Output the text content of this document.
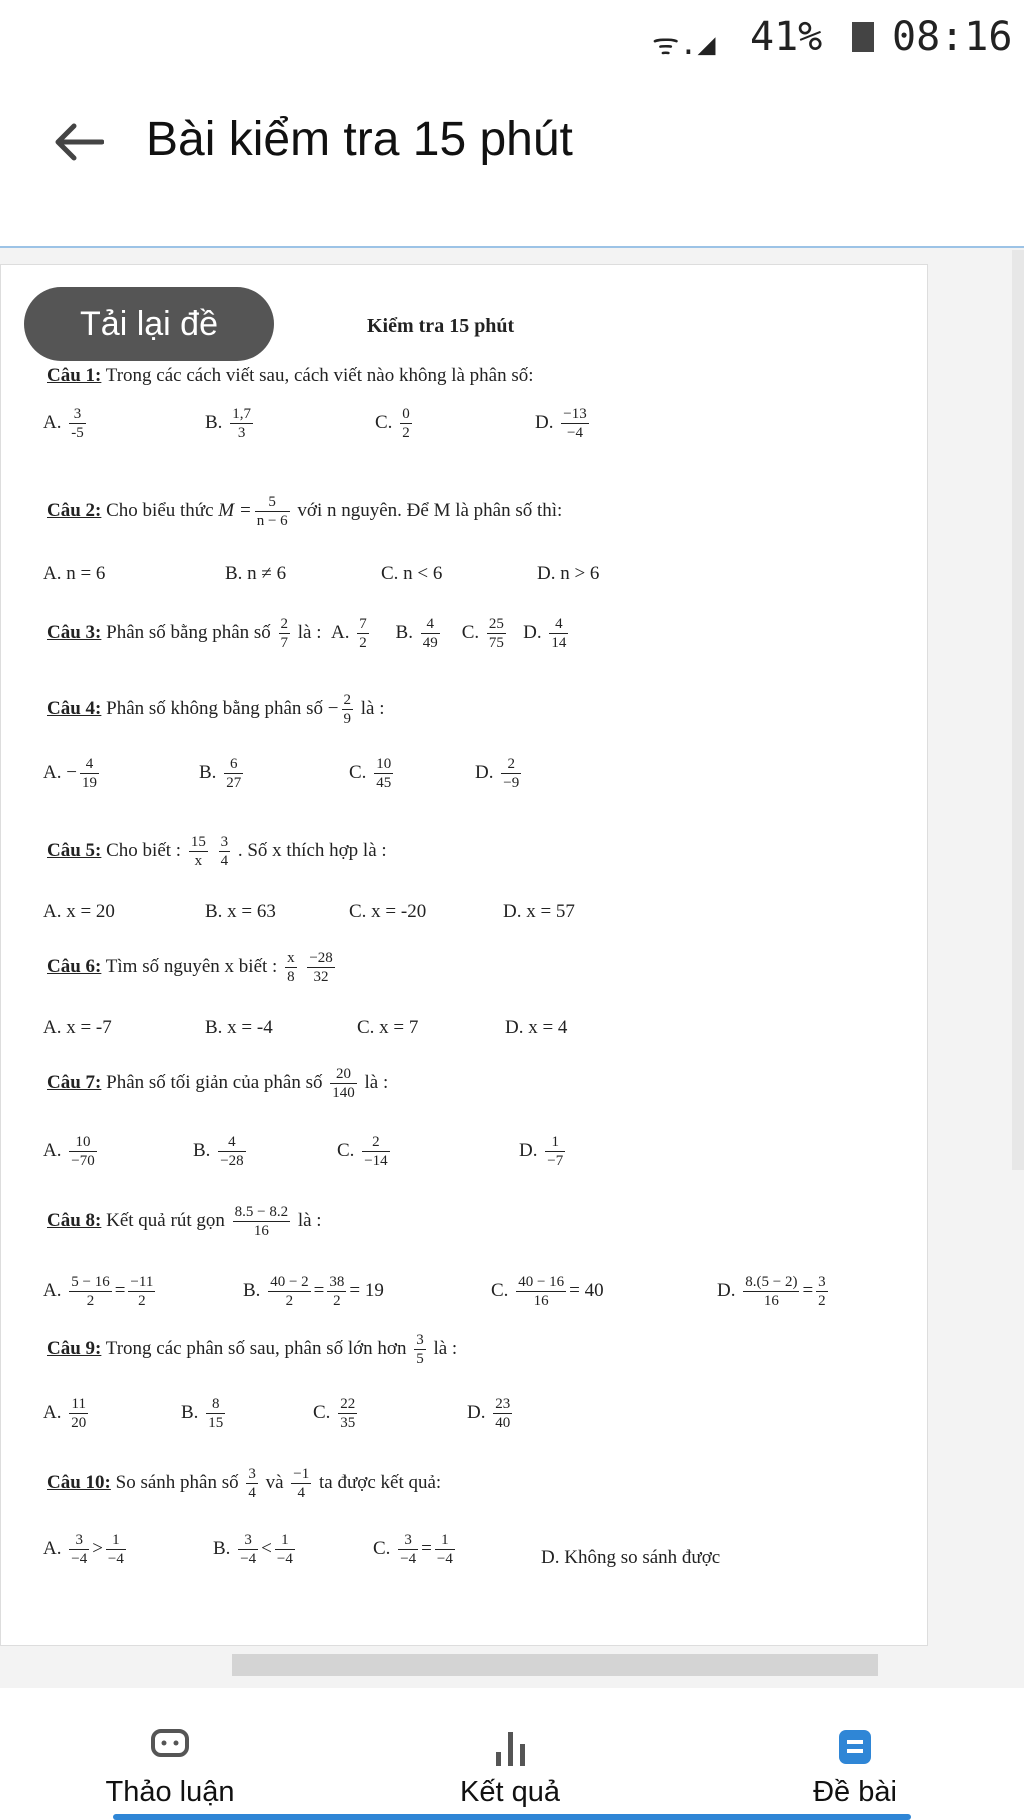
ᯤ.◢ 41% 08:16
Bài kiểm tra 15 phút
Tải lại đề	Kiểm tra 15 phút
Câu 1: Trong các cách viết sau, cách viết nào không là phân số:
A. $\frac{3}{-5}$	B. $\frac{1,7}{3}$	C. $\frac{0}{2}$	D. $\frac{-13}{-4}$
Câu 2: Cho biểu thức $M = \frac{5}{n - 6}$ với n nguyên. Để M là phân số thì:
A. n = 6	B. n ≠ 6	C. n < 6	D. n > 6
Câu 3: Phân số bằng phân số $\frac{2}{7}$ là : A. $\frac{7}{2} B$. $\frac{4}{49} C$. $\frac{25}{75} D$. $\frac{4}{14}$
Câu 4: Phân số không bằng phân số − $\frac{2}{9}$ là :
A. − $\frac{4}{19}$	B. $\frac{6}{27}$	C. $\frac{10}{45}$	D. $\frac{2}{-9}$
Câu 5: Cho biết : $\frac{15}{x}$
$\frac{3}{4}$ . Số x thích hợp là :
A. x = 20	B. x = 63	C. x = -20	D. x = 57
Câu 6: Tìm số nguyên x biết : $\frac{x}{8}$
$\frac{-28}{32}$
A. x = -7	B. x = -4	C. x = 7	D. x = 4
Câu 7: Phân số tối giản của phân số $\frac{20}{140}$ là :
A. $\frac{10}{-70}$	B. $\frac{4}{-28}$	C. $\frac{2}{-14}$	D. $\frac{1}{-7}$
Câu 8: Kết quả rút gọn $\frac{8.5 - 8.2}{16}$ là :
A. $\frac{5 - 16}{2} = \frac{-11}{2}$	B. $\frac{40 - 2}{2} = \frac{38}{2} = 19$	C. $\frac{40 - 16}{16} = 40$	D. $\frac{8.(5 - 2)}{16} = \frac{3}{2}$
Câu 9: Trong các phân số sau, phân số lớn hơn $\frac{3}{5}$ là :
A. $\frac{11}{20}$	B. $\frac{8}{15}$	C. $\frac{22}{35}$	D. $\frac{23}{40}$
Câu 10: So sánh phân số $\frac{3}{4}$ và $\frac{-1}{4}$ ta được kết quả:
A. $\frac{3}{-4} > \frac{1}{-4}$	B. $\frac{3}{-4} < \frac{1}{-4}$	C. $\frac{3}{-4} = \frac{1}{-4}$	D. Không so sánh được
Thảo luận	Kết quả	Đề bài
